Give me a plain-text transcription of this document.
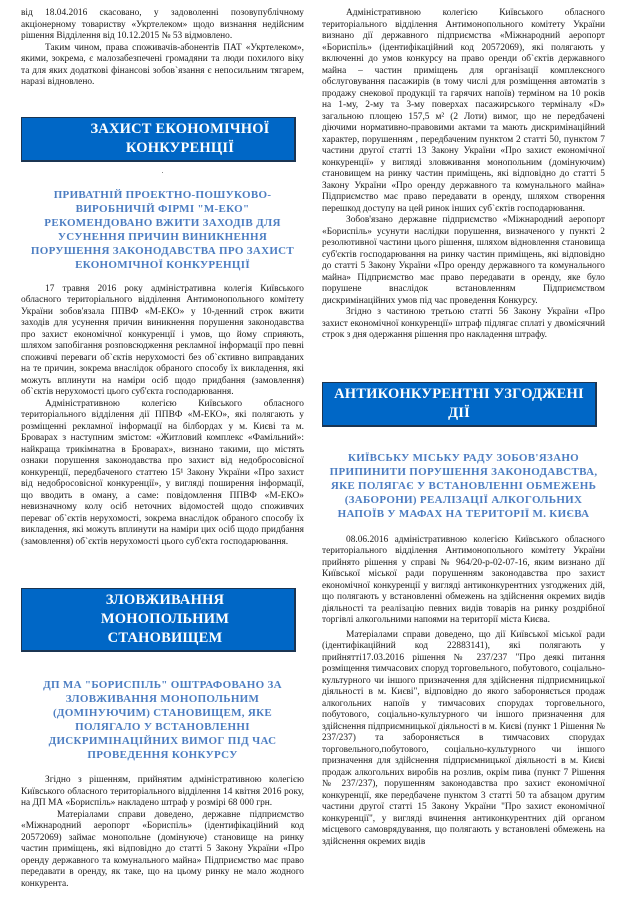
від 18.04.2016 скасовано, у задоволенні позовупублічному акціонерному товариству «Укртелеком» щодо визнання недійсним рішення Відділення від 10.12.2015 № 53 відмовлено.

Таким чином, права споживачів-абонентів ПАТ «Укртелеком», якими, зокрема, є малозабезпечені громадяни та люди похилого віку та для яких додаткові фінансові зобов`язання є непосильним тягарем, наразі відновлено.

ЗАХИСТ ЕКОНОМІЧНОЇ КОНКУРЕНЦІЇ
.
ПРИВАТНІЙ ПРОЕКТНО-ПОШУКОВО-ВИРОБНИЧІЙ ФІРМІ "М-ЕКО" РЕКОМЕНДОВАНО ВЖИТИ ЗАХОДІВ ДЛЯ УСУНЕННЯ ПРИЧИН ВИНИКНЕННЯ ПОРУШЕННЯ ЗАКОНОДАВСТВА ПРО ЗАХИСТ ЕКОНОМІЧНОЇ КОНКУРЕНЦІЇ

17 травня 2016 року адміністративна колегія Київського обласного територіального відділення Антимонопольного комітету України зобов'язала ППВФ «М-ЕКО» у 10-денний строк вжити заходів для усунення причин виникнення порушення законодавства про захист економічної конкуренції і умов, що йому сприяють, шляхом запобігання розповсюдження рекламної інформації про певні споживчі переваги об`єктів нерухомості без об`єктивно виправданих на те причин, зокрема внаслідок обраного способу їх викладення, які можуть вплинути на наміри осіб щодо придбання (замовлення) об`єктів нерухомості цього суб'єкта господарювання.

Адміністративною колегією Київського обласного територіального відділення дії ППВФ «М-ЕКО», які полягають у розміщенні рекламної інформації на білбордах у м. Києві та м. Броварах з наступним змістом: «Житловий комплекс «Фамільний»: найкраща трикімнатна в Броварах», визнано такими, що містять ознаки порушення законодавства про захист від недобросовісної конкуренції, передбаченого статтею 15¹ Закону України «Про захист від недобросовісної конкуренції», у вигляді поширення інформації, що вводить в оману, а саме: повідомлення ППВФ «М-ЕКО» невизначному колу осіб неточних відомостей щодо споживчих переваг об`єктів нерухомості, зокрема внаслідок обраного способу їх викладення, які можуть вплинути на наміри цих осіб щодо придбання (замовлення) об`єктів нерухомості цього суб'єкта господарювання.

ЗЛОВЖИВАННЯ МОНОПОЛЬНИМ СТАНОВИЩЕМ
ДП МА "БОРИСПІЛЬ" ОШТРАФОВАНО ЗА ЗЛОВЖИВАННЯ МОНОПОЛЬНИМ (ДОМІНУЮЧИМ) СТАНОВИЩЕМ, ЯКЕ ПОЛЯГАЛО У ВСТАНОВЛЕННІ ДИСКРИМІНАЦІЙНИХ ВИМОГ ПІД ЧАС ПРОВЕДЕННЯ КОНКУРСУ

Згідно з рішенням, прийнятим адміністративною колегією Київського обласного територіального відділення 14 квітня 2016 року, на ДП МА «Бориспіль» накладено штраф у розмірі 68 000 грн.

Матеріалами справи доведено, державне підприємство «Міжнародний аеропорт «Бориспіль» (ідентифікаційний код 20572069) займає монопольне (домінуюче) становище на ринку частин приміщень, які відповідно до статті 5 Закону України «Про оренду державного та комунального майна» Підприємство має право передавати в оренду, як таке, що на цьому ринку не мало жодного конкурента.

Адміністративною колегією Київського обласного територіального відділення Антимонопольного комітету України визнано дії державного підприємства «Міжнародний аеропорт «Бориспіль» (ідентифікаційний код 20572069), які полягають у включенні до умов конкурсу на право оренди об`єктів державного майна – частин приміщень для організації комплексного обслуговування пасажирів (в тому числі для розміщення автоматів з продажу снекової продукції та гарячих напоїв) терміном на 10 років на 1-му, 2-му та 3-му поверхах пасажирського терміналу «D» загальною площею 157,5 м² (2 Лоти) вимог, що не передбачені діючими нормативно-правовими актами та мають дискримінаційний характер, порушенням , передбаченим пунктом 2 статті 50, пунктом 7 частини другої статті 13 Закону України «Про захист економічної конкуренції» у вигляді зловживання монопольним (домінуючим) становищем на ринку частин приміщень, які відповідно до статті 5 Закону України «Про оренду державного та комунального майна» Підприємство має право передавати в оренду, шляхом створення перешкод доступу на цей ринок інших суб`єктів господарювання.

Зобов'язано державне підприємство «Міжнародний аеропорт «Бориспіль» усунути наслідки порушення, визначеного у пункті 2 резолютивної частини цього рішення, шляхом відновлення становища суб'єктів господарювання на ринку частин приміщень, які відповідно до статті 5 Закону України «Про оренду державного та комунального майна» Підприємство має право передавати в оренду, яке було порушене внаслідок встановленням Підприємством дискримінаційних умов під час проведення Конкурсу.

Згідно з частиною третьою статті 56 Закону України «Про захист економічної конкуренції» штраф підлягає сплаті у двомісячний строк з дня одержання рішення про накладення штрафу.

АНТИКОНКУРЕНТНІ УЗГОДЖЕНІ ДІЇ
КИЇВСЬКУ МІСЬКУ РАДУ ЗОБОВ'ЯЗАНО ПРИПИНИТИ ПОРУШЕННЯ ЗАКОНОДАВСТВА, ЯКЕ ПОЛЯГАЄ У ВСТАНОВЛЕННІ ОБМЕЖЕНЬ (ЗАБОРОНИ) РЕАЛІЗАЦІЇ АЛКОГОЛЬНИХ НАПОЇВ У МАФАХ НА ТЕРИТОРІЇ М. КИЄВА

08.06.2016 адміністративною колегією Київського обласного територіального відділення Антимонопольного комітету України прийнято рішення у справі № 964/20-р-02-07-16, яким визнано дії Київської міської ради порушенням законодавства про захист економічної конкуренції у вигляді антиконкурентних узгоджених дій, що полягають у встановленні обмежень на здійснення окремих видів діяльності та реалізацію певних видів товарів на ринку роздрібної торгівлі алкогольними напоями на території міста Києва.

Матеріалами справи доведено, що дії Київської міської ради (ідентифікаційний код 22883141), які полягають у прийнятті17.03.2016 рішення № 237/237 "Про деякі питання розміщення тимчасових споруд торговельного, побутового, соціально-культурного чи іншого призначення для здійснення підприємницької діяльності в м. Києві", відповідно до якого забороняється продаж алкогольних напоїв у тимчасових спорудах торговельного, побутового, соціально-культурного чи іншого призначення для здійснення підприємницької діяльності в м. Києві (пункт 1 Рішення № 237/237) та забороняється в тимчасових спорудах торговельного,побутового, соціально-культурного чи іншого призначення для здійснення підприємницької діяльності в м. Києві продаж алкогольних виробів на розлив, окрім пива (пункт 7 Рішення № 237/237), порушенням законодавства про захист економічної конкуренції, яке передбачене пунктом 3 статті 50 та абзацом другим частини другої статті 15 Закону України "Про захист економічної конкуренції", у вигляді вчинення антиконкурентних дій органом місцевого самоврядування, що полягають у встановлені обмежень на здійснення окремих видів
